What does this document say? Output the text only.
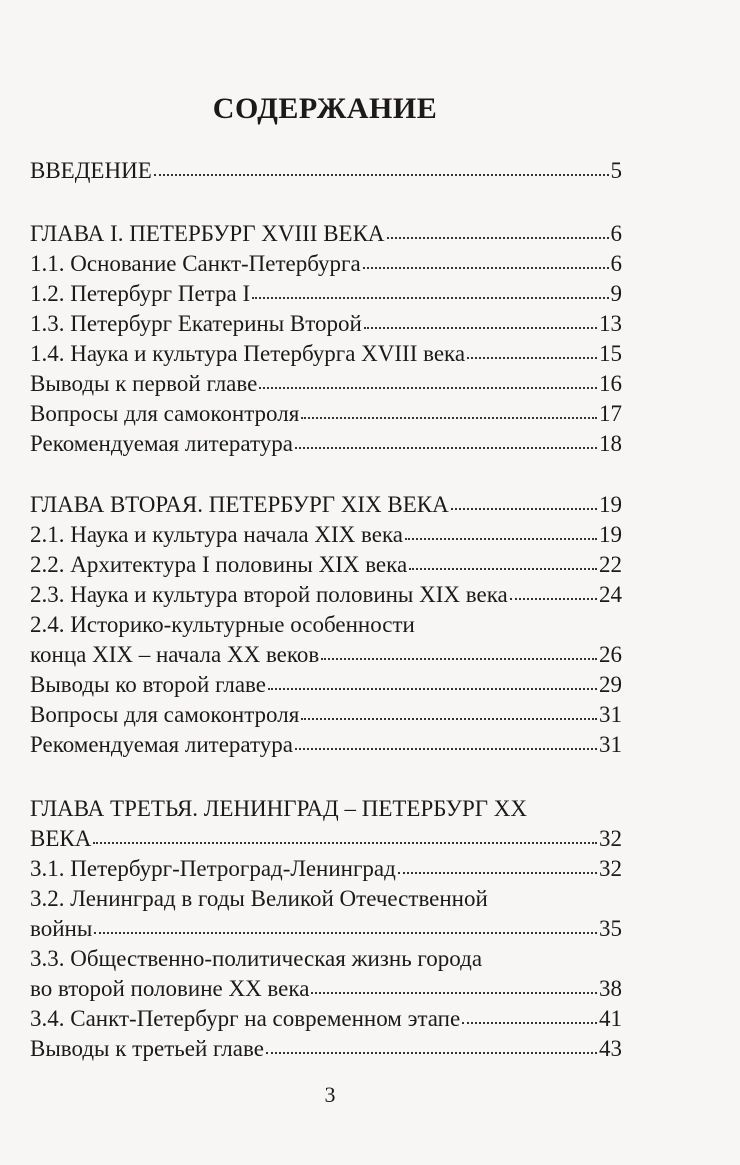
СОДЕРЖАНИЕ
ВВЕДЕНИЕ	5
ГЛАВА I. ПЕТЕРБУРГ XVIII ВЕКА	6
1.1. Основание Санкт-Петербурга	6
1.2. Петербург Петра I	9
1.3. Петербург Екатерины Второй	13
1.4. Наука и культура Петербурга XVIII века	15
Выводы к первой главе	16
Вопросы для самоконтроля	17
Рекомендуемая литература	18
ГЛАВА ВТОРАЯ. ПЕТЕРБУРГ XIX ВЕКА	19
2.1. Наука и культура начала XIX века	19
2.2. Архитектура I половины XIX века	22
2.3. Наука и культура второй половины XIX века	24
2.4. Историко-культурные особенности
конца XIX – начала XX веков	26
Выводы ко второй главе	29
Вопросы для самоконтроля	31
Рекомендуемая литература	31
ГЛАВА ТРЕТЬЯ. ЛЕНИНГРАД – ПЕТЕРБУРГ XX
ВЕКА	32
3.1. Петербург-Петроград-Ленинград	32
3.2. Ленинград в годы Великой Отечественной
войны	35
3.3. Общественно-политическая жизнь города
во второй половине XX века	38
3.4. Санкт-Петербург на современном этапе	41
Выводы к третьей главе	43
3
